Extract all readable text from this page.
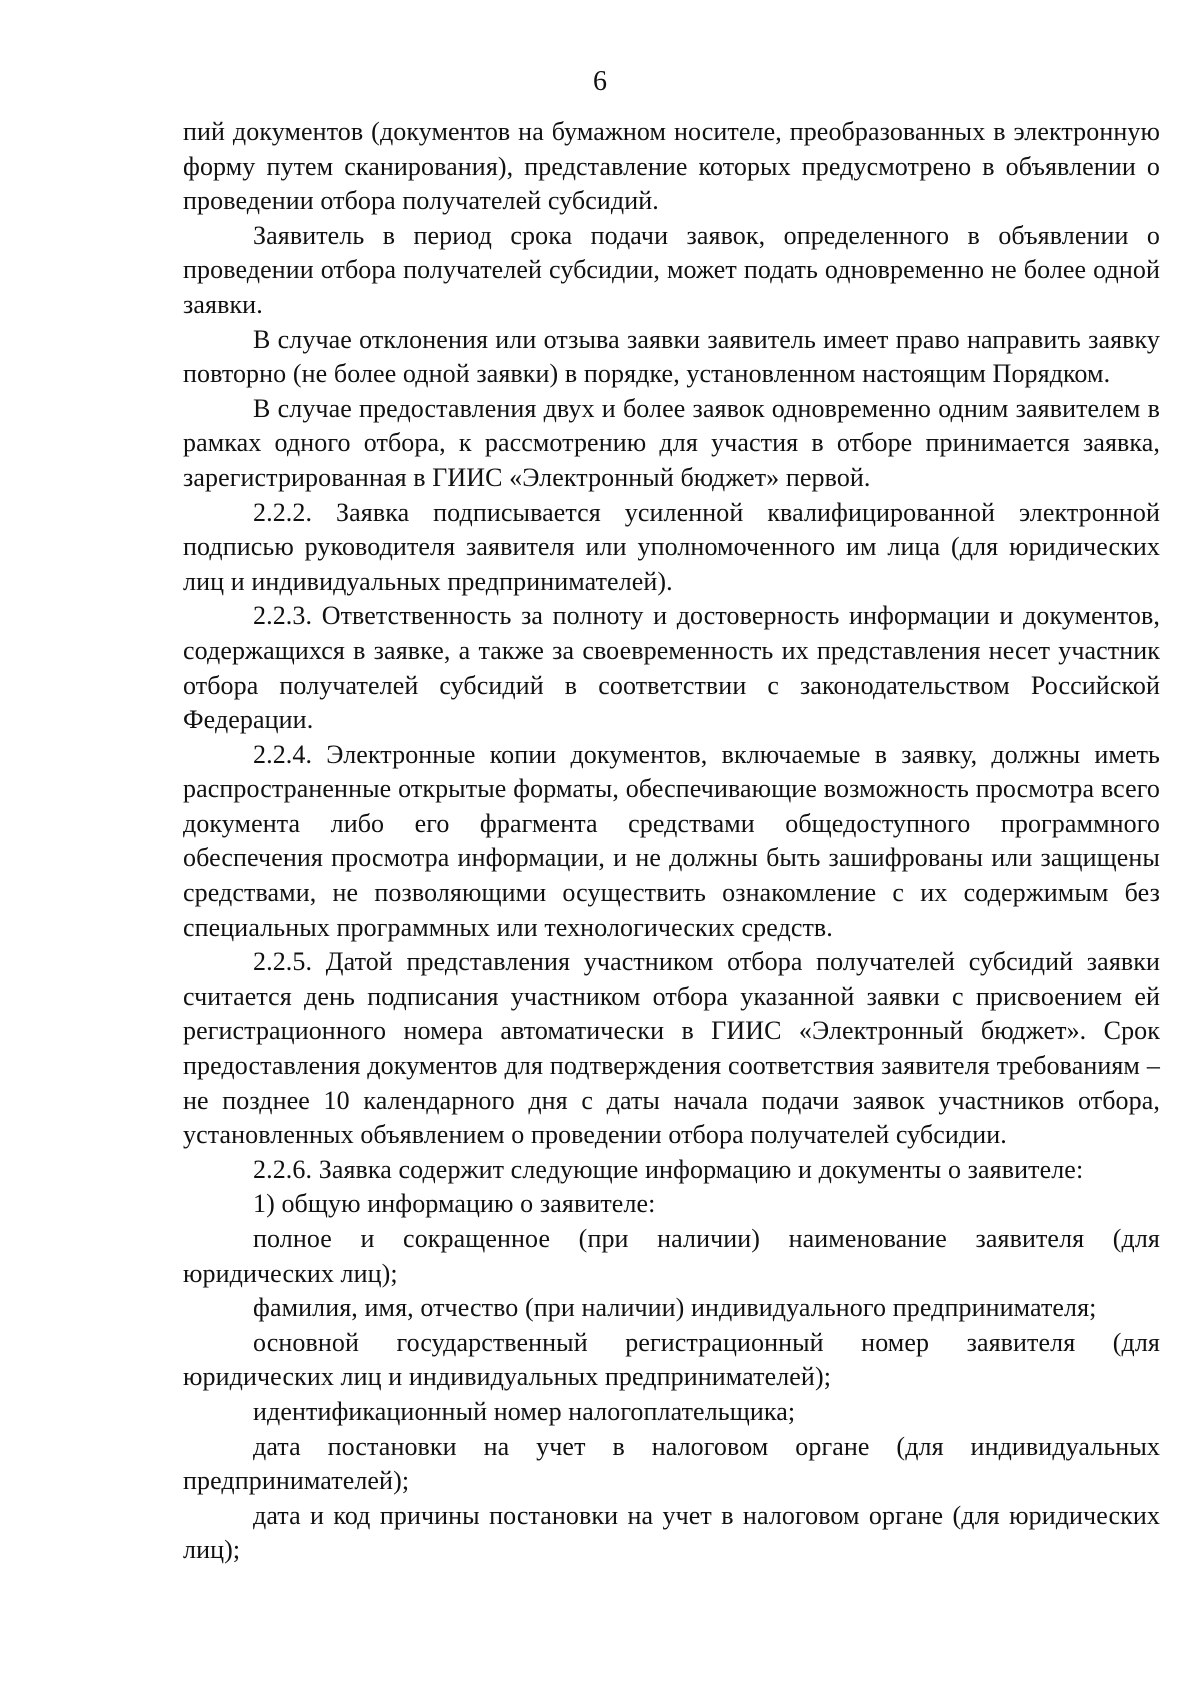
6

пий документов (документов на бумажном носителе, преобразованных в электронную форму путем сканирования), представление которых предусмотрено в объявлении о проведении отбора получателей субсидий.

Заявитель в период срока подачи заявок, определенного в объявлении о проведении отбора получателей субсидии, может подать одновременно не более одной заявки.

В случае отклонения или отзыва заявки заявитель имеет право направить заявку повторно (не более одной заявки) в порядке, установленном настоящим Порядком.

В случае предоставления двух и более заявок одновременно одним заявителем в рамках одного отбора, к рассмотрению для участия в отборе принимается заявка, зарегистрированная в ГИИС «Электронный бюджет» первой.

2.2.2. Заявка подписывается усиленной квалифицированной электронной подписью руководителя заявителя или уполномоченного им лица (для юридических лиц и индивидуальных предпринимателей).

2.2.3. Ответственность за полноту и достоверность информации и документов, содержащихся в заявке, а также за своевременность их представления несет участник отбора получателей субсидий в соответствии с законодательством Российской Федерации.

2.2.4. Электронные копии документов, включаемые в заявку, должны иметь распространенные открытые форматы, обеспечивающие возможность просмотра всего документа либо его фрагмента средствами общедоступного программного обеспечения просмотра информации, и не должны быть зашифрованы или защищены средствами, не позволяющими осуществить ознакомление с их содержимым без специальных программных или технологических средств.

2.2.5. Датой представления участником отбора получателей субсидий заявки считается день подписания участником отбора указанной заявки с присвоением ей регистрационного номера автоматически в ГИИС «Электронный бюджет». Срок предоставления документов для подтверждения соответствия заявителя требованиям – не позднее 10 календарного дня с даты начала подачи заявок участников отбора, установленных объявлением о проведении отбора получателей субсидии.

2.2.6. Заявка содержит следующие информацию и документы о заявителе:

1) общую информацию о заявителе:

полное и сокращенное (при наличии) наименование заявителя (для юридических лиц);

фамилия, имя, отчество (при наличии) индивидуального предпринимателя;

основной государственный регистрационный номер заявителя (для юридических лиц и индивидуальных предпринимателей);

идентификационный номер налогоплательщика;

дата постановки на учет в налоговом органе (для индивидуальных предпринимателей);

дата и код причины постановки на учет в налоговом органе (для юридических лиц);
